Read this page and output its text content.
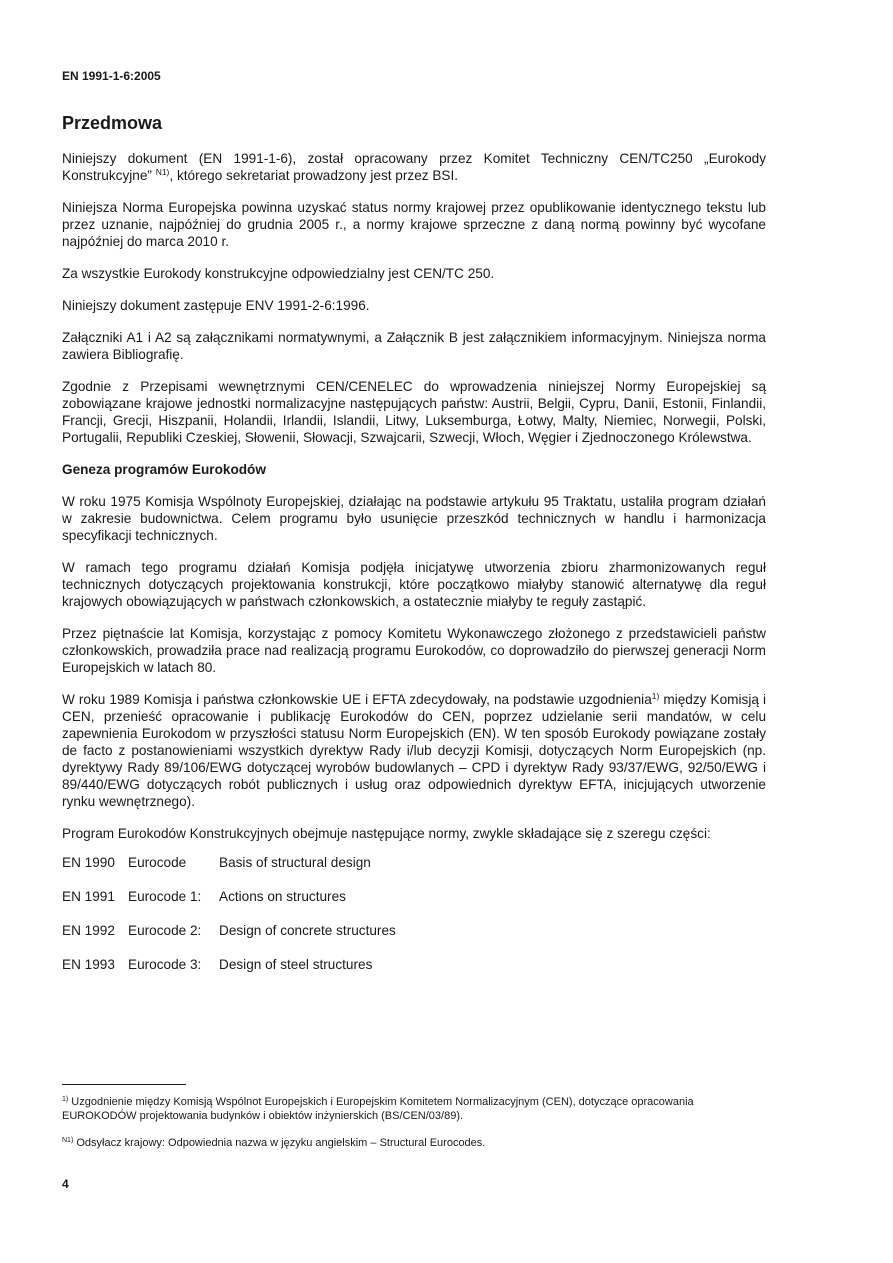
EN 1991-1-6:2005
Przedmowa

Niniejszy dokument (EN 1991-1-6), został opracowany przez Komitet Techniczny CEN/TC250 „Eurokody Konstrukcyjne” $^{N1)}$, którego sekretariat prowadzony jest przez BSI.

Niniejsza Norma Europejska powinna uzyskać status normy krajowej przez opublikowanie identycznego tekstu lub przez uznanie, najpóźniej do grudnia 2005 r., a normy krajowe sprzeczne z daną normą powinny być wycofane najpóźniej do marca 2010 r.

Za wszystkie Eurokody konstrukcyjne odpowiedzialny jest CEN/TC 250.

Niniejszy dokument zastępuje ENV 1991-2-6:1996.

Załączniki A1 i A2 są załącznikami normatywnymi, a Załącznik B jest załącznikiem informacyjnym. Niniejsza norma zawiera Bibliografię.

Zgodnie z Przepisami wewnętrznymi CEN/CENELEC do wprowadzenia niniejszej Normy Europejskiej są zobowiązane krajowe jednostki normalizacyjne następujących państw: Austrii, Belgii, Cypru, Danii, Estonii, Finlandii, Francji, Grecji, Hiszpanii, Holandii, Irlandii, Islandii, Litwy, Luksemburga, Łotwy, Malty, Niemiec, Norwegii, Polski, Portugalii, Republiki Czeskiej, Słowenii, Słowacji, Szwajcarii, Szwecji, Włoch, Węgier i Zjednoczonego Królewstwa.

Geneza programów Eurokodów

W roku 1975 Komisja Wspólnoty Europejskiej, działając na podstawie artykułu 95 Traktatu, ustaliła program działań w zakresie budownictwa. Celem programu było usunięcie przeszkód technicznych w handlu i harmonizacja specyfikacji technicznych.

W ramach tego programu działań Komisja podjęła inicjatywę utworzenia zbioru zharmonizowanych reguł technicznych dotyczących projektowania konstrukcji, które początkowo miałyby stanowić alternatywę dla reguł krajowych obowiązujących w państwach członkowskich, a ostatecznie miałyby te reguły zastąpić.

Przez piętnaście lat Komisja, korzystając z pomocy Komitetu Wykonawczego złożonego z przedstawicieli państw członkowskich, prowadziła prace nad realizacją programu Eurokodów, co doprowadziło do pierwszej generacji Norm Europejskich w latach 80.

W roku 1989 Komisja i państwa członkowskie UE i EFTA zdecydowały, na podstawie uzgodnienia$^{1)}$ między Komisją i CEN, przenieść opracowanie i publikację Eurokodów do CEN, poprzez udzielanie serii mandatów, w celu zapewnienia Eurokodom w przyszłości statusu Norm Europejskich (EN). W ten sposób Eurokody powiązane zostały de facto z postanowieniami wszystkich dyrektyw Rady i/lub decyzji Komisji, dotyczących Norm Europejskich (np. dyrektywy Rady 89/106/EWG dotyczącej wyrobów budowlanych – CPD i dyrektyw Rady 93/37/EWG, 92/50/EWG i 89/440/EWG dotyczących robót publicznych i usług oraz odpowiednich dyrektyw EFTA, inicjujących utworzenie rynku wewnętrznego).

Program Eurokodów Konstrukcyjnych obejmuje następujące normy, zwykle składające się z szeregu części:

EN 1990 Eurocode	Basis of structural design
EN 1991 Eurocode 1:	Actions on structures
EN 1992 Eurocode 2:	Design of concrete structures
EN 1993 Eurocode 3:	Design of steel structures

$^{1)}$ Uzgodnienie między Komisją Wspólnot Europejskich i Europejskim Komitetem Normalizacyjnym (CEN), dotyczące opracowania EUROKODÓW projektowania budynków i obiektów inżynierskich (BS/CEN/03/89).

$^{N1)}$ Odsyłacz krajowy: Odpowiednia nazwa w języku angielskim – Structural Eurocodes.

4
